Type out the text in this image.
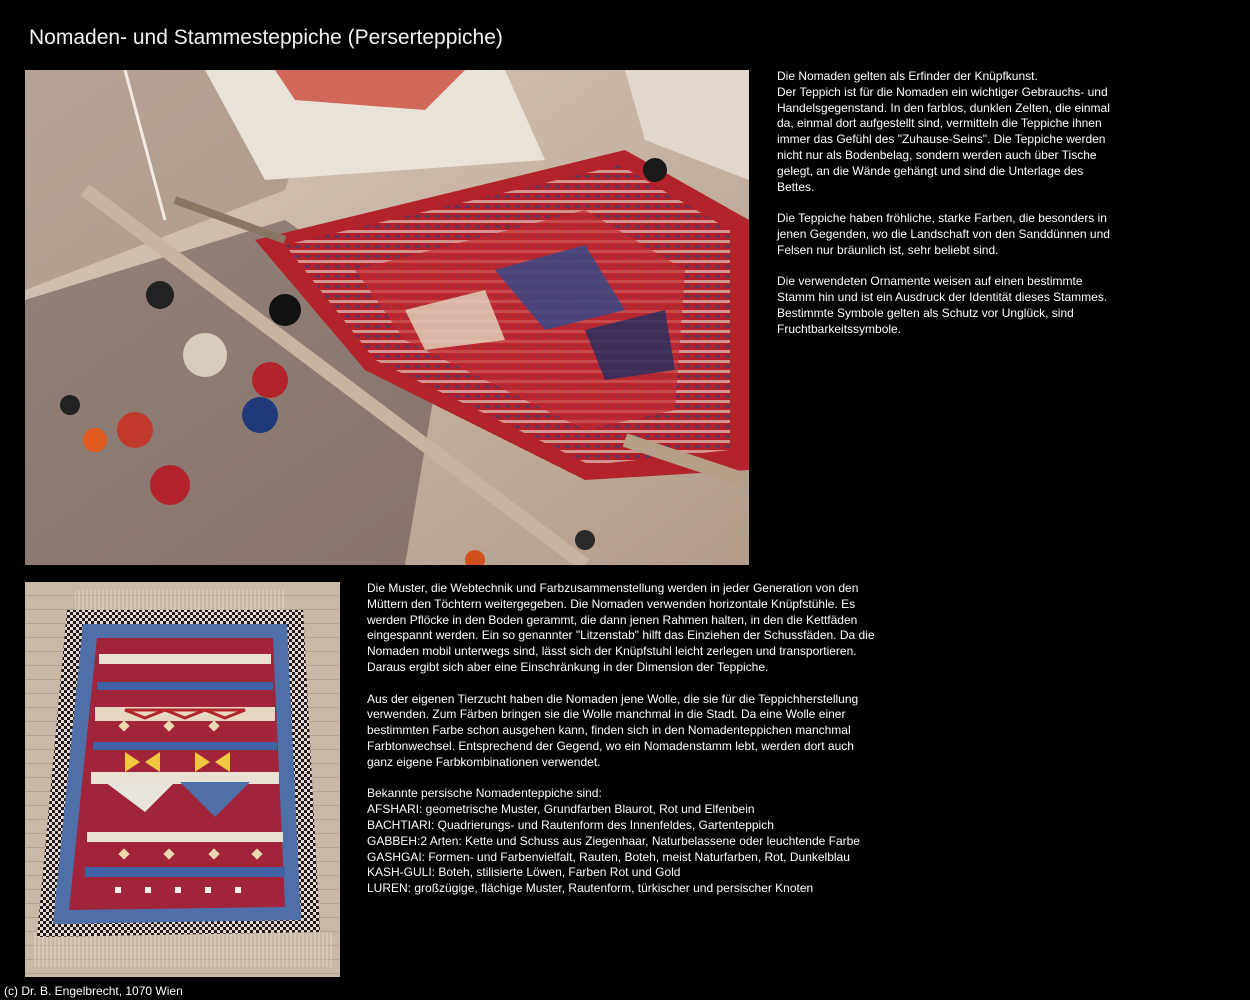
Nomaden- und Stammesteppiche (Perserteppiche)

Die Nomaden gelten als Erfinder der Knüpfkunst.
Der Teppich ist für die Nomaden ein wichtiger Gebrauchs- und Handelsgegenstand. In den farblos, dunklen Zelten, die einmal da, einmal dort aufgestellt sind, vermitteln die Teppiche ihnen immer das Gefühl des "Zuhause-Seins". Die Teppiche werden nicht nur als Bodenbelag, sondern werden auch über Tische gelegt, an die Wände gehängt und sind die Unterlage des Bettes.

Die Teppiche haben fröhliche, starke Farben, die besonders in jenen Gegenden, wo die Landschaft von den Sanddünnen und Felsen nur bräunlich ist, sehr beliebt sind.

Die verwendeten Ornamente weisen auf einen bestimmte Stamm hin und ist ein Ausdruck der Identität dieses Stammes. Bestimmte Symbole gelten als Schutz vor Unglück, sind Fruchtbarkeitssymbole.

Die Muster, die Webtechnik und Farbzusammenstellung werden in jeder Generation von den Müttern den Töchtern weitergegeben. Die Nomaden verwenden horizontale Knüpfstühle. Es werden Pflöcke in den Boden gerammt, die dann jenen Rahmen halten, in den die Kettfäden eingespannt werden. Ein so genannter "Litzenstab" hilft das Einziehen der Schussfäden. Da die Nomaden mobil unterwegs sind, lässt sich der Knüpfstuhl leicht zerlegen und transportieren. Daraus ergibt sich aber eine Einschränkung in der Dimension der Teppiche.

Aus der eigenen Tierzucht haben die Nomaden jene Wolle, die sie für die Teppichherstellung verwenden. Zum Färben bringen sie die Wolle manchmal in die Stadt. Da eine Wolle einer bestimmten Farbe schon ausgehen kann, finden sich in den Nomadenteppichen manchmal Farbtonwechsel. Entsprechend der Gegend, wo ein Nomadenstamm lebt, werden dort auch ganz eigene Farbkombinationen verwendet.

Bekannte persische Nomadenteppiche sind:
AFSHARI: geometrische Muster, Grundfarben Blaurot, Rot und Elfenbein
BACHTIARI: Quadrierungs- und Rautenform des Innenfeldes, Gartenteppich
GABBEH:2 Arten: Kette und Schuss aus Ziegenhaar, Naturbelassene oder leuchtende Farbe
GASHGAI: Formen- und Farbenvielfalt, Rauten, Boteh, meist Naturfarben, Rot, Dunkelblau
KASH-GULI: Boteh, stilisierte Löwen, Farben Rot und Gold
LUREN: großzügige, flächige Muster, Rautenform, türkischer und persischer Knoten
(c) Dr. B. Engelbrecht, 1070 Wien
